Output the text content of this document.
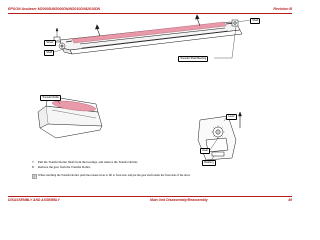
EPSON Aculaser M2000D/M2000DN/M2010D/M2010DN	Revision B
Shaft
Screw
Shaft
Transfer Shaft Bearing
Transfer Roller
Lever
Gear
Bushing
7. Pull the Transfer Roller Shaft from the bearings, and remove the Transfer Roller.
8. Remove the gear from the Transfer Roller.
When attaching the Transfer Roller, push the release lever to lift to front end, and put the gear shaft under the front side of the lever.
DISASSEMBLY AND ASSEMBLY	Main Unit Disassembly/Reassembly	46
